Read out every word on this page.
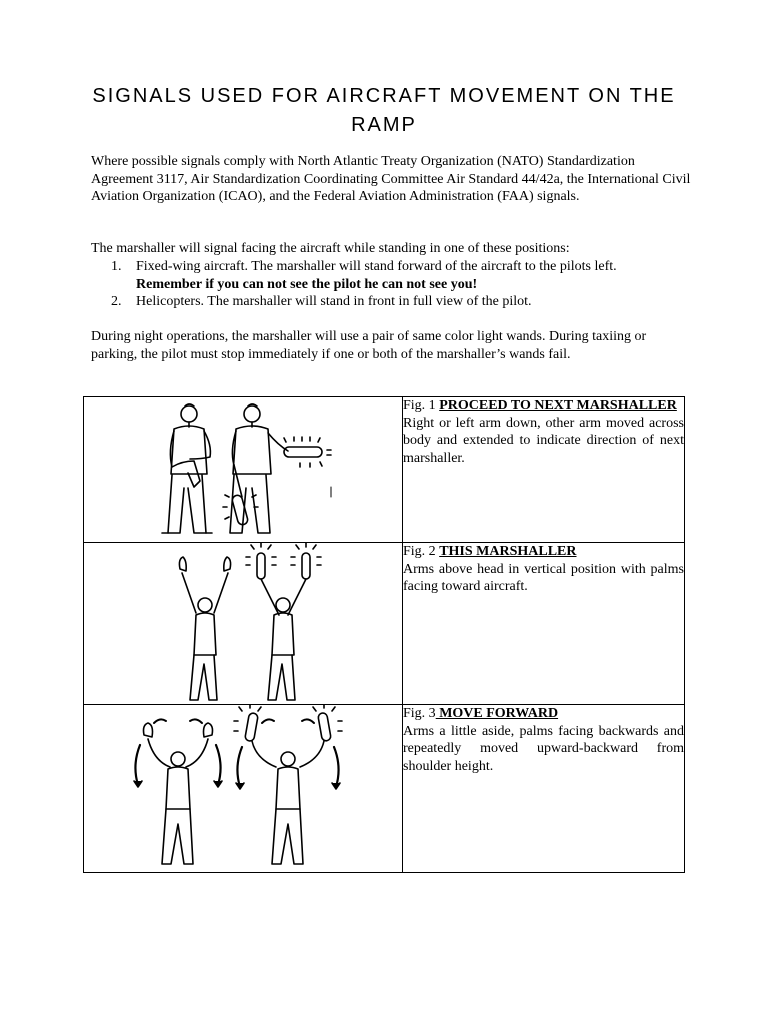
SIGNALS USED FOR AIRCRAFT MOVEMENT ON THE RAMP

Where possible signals comply with North Atlantic Treaty Organization (NATO) Standardization Agreement 3117, Air Standardization Coordinating Committee Air Standard 44/42a, the International Civil Aviation Organization (ICAO), and the Federal Aviation Administration (FAA) signals.

The marshaller will signal facing the aircraft while standing in one of these positions:

1. Fixed-wing aircraft. The marshaller will stand forward of the aircraft to the pilots left.
Remember if you can not see the pilot he can not see you!
2. Helicopters. The marshaller will stand in front in full view of the pilot.

During night operations, the marshaller will use a pair of same color light wands. During taxiing or parking, the pilot must stop immediately if one or both of the marshaller’s wands fail.

Fig. 1 PROCEED TO NEXT MARSHALLER
Right or left arm down, other arm moved across body and extended to indicate direction of next marshaller.

Fig. 2 THIS MARSHALLER
Arms above head in vertical position with palms facing toward aircraft.

Fig. 3 MOVE FORWARD
Arms a little aside, palms facing backwards and repeatedly moved upward-backward from shoulder height.
